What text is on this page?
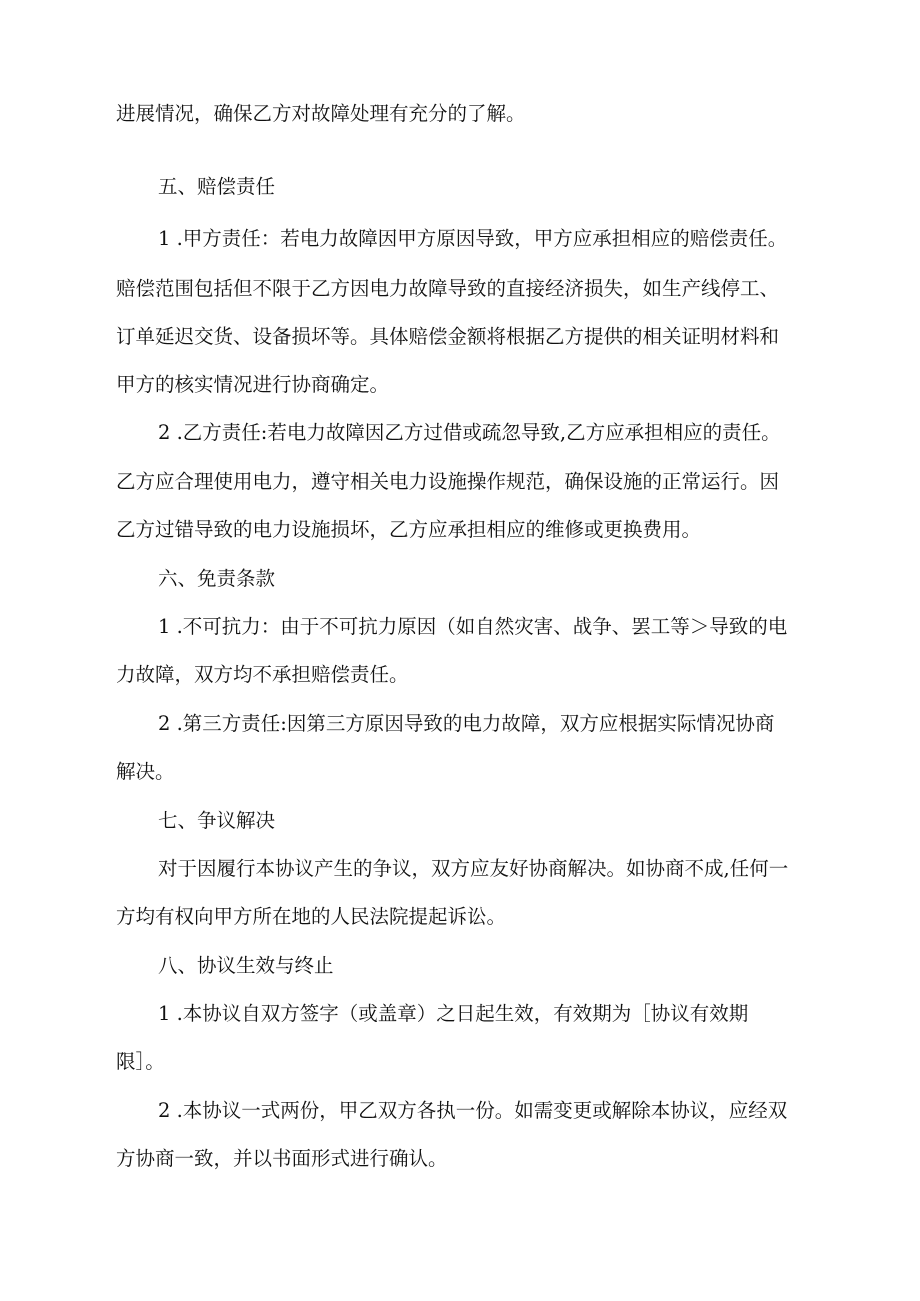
进展情况，确保乙方对故障处理有充分的了解。
五、赔偿责任
1 .甲方责任：若电力故障因甲方原因导致，甲方应承担相应的赔偿责任。
赔偿范围包括但不限于乙方因电力故障导致的直接经济损失，如生产线停工、
订单延迟交货、设备损坏等。具体赔偿金额将根据乙方提供的相关证明材料和
甲方的核实情况进行协商确定。
2 .乙方责任:若电力故障因乙方过借或疏忽导致,乙方应承担相应的责任。
乙方应合理使用电力，遵守相关电力设施操作规范，确保设施的正常运行。因
乙方过错导致的电力设施损坏，乙方应承担相应的维修或更换费用。
六、免责条款
1 .不可抗力：由于不可抗力原因（如自然灾害、战争、罢工等＞导致的电
力故障，双方均不承担赔偿责任。
2 .第三方责任:因第三方原因导致的电力故障，双方应根据实际情况协商
解决。
七、争议解决
对于因履行本协议产生的争议，双方应友好协商解决。如协商不成,任何一
方均有权向甲方所在地的人民法院提起诉讼。
八、协议生效与终止
1 .本协议自双方签字（或盖章）之日起生效，有效期为［协议有效期
限］。
2 .本协议一式两份，甲乙双方各执一份。如需变更或解除本协议，应经双
方协商一致，并以书面形式进行确认。
